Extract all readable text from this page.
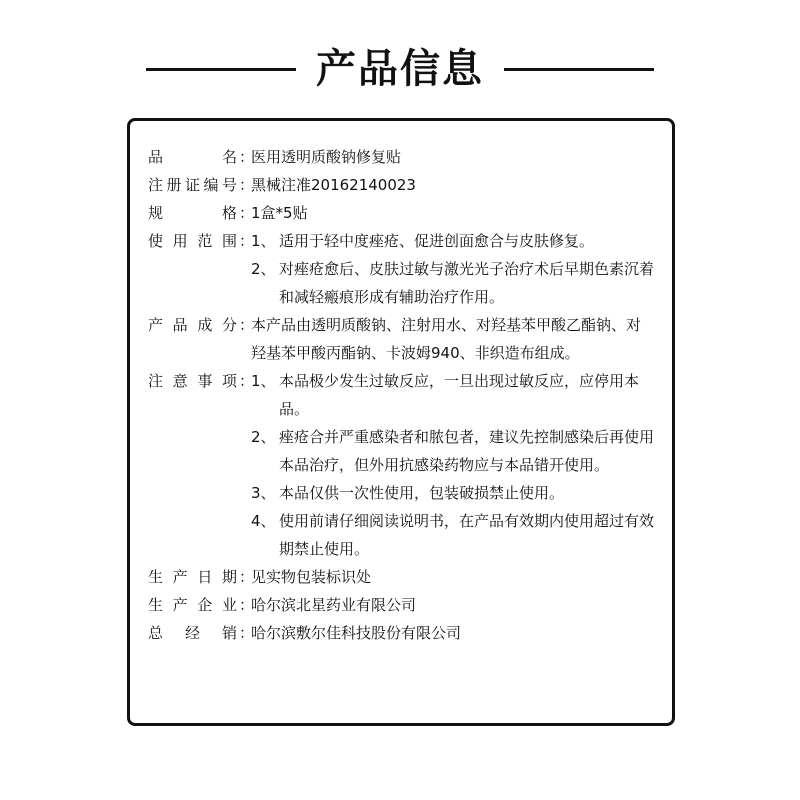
产品信息
品	名 ：
医用透明质酸钠修复贴
注 册 证 编 号 ：
黑械注准20162140023
规	格 ：
1盒*5贴
使 用 范 围 ：
1、 适用于轻中度痤疮、促进创面愈合与皮肤修复。
2、 对痤疮愈后、皮肤过敏与激光光子治疗术后早期色素沉着和减轻瘢痕形成有辅助治疗作用。
产 品 成 分 ：
本产品由透明质酸钠、注射用水、对羟基苯甲酸乙酯钠、对羟基苯甲酸丙酯钠、卡波姆940、非织造布组成。
注 意 事 项 ：
1、 本品极少发生过敏反应，一旦出现过敏反应，应停用本品。
2、 痤疮合并严重感染者和脓包者，建议先控制感染后再使用本品治疗，但外用抗感染药物应与本品错开使用。
3、 本品仅供一次性使用，包装破损禁止使用。
4、 使用前请仔细阅读说明书，在产品有效期内使用超过有效期禁止使用。
生 产 日 期 ：
见实物包装标识处
生 产 企 业 ：
哈尔滨北星药业有限公司
总 经 销 ：
哈尔滨敷尔佳科技股份有限公司
